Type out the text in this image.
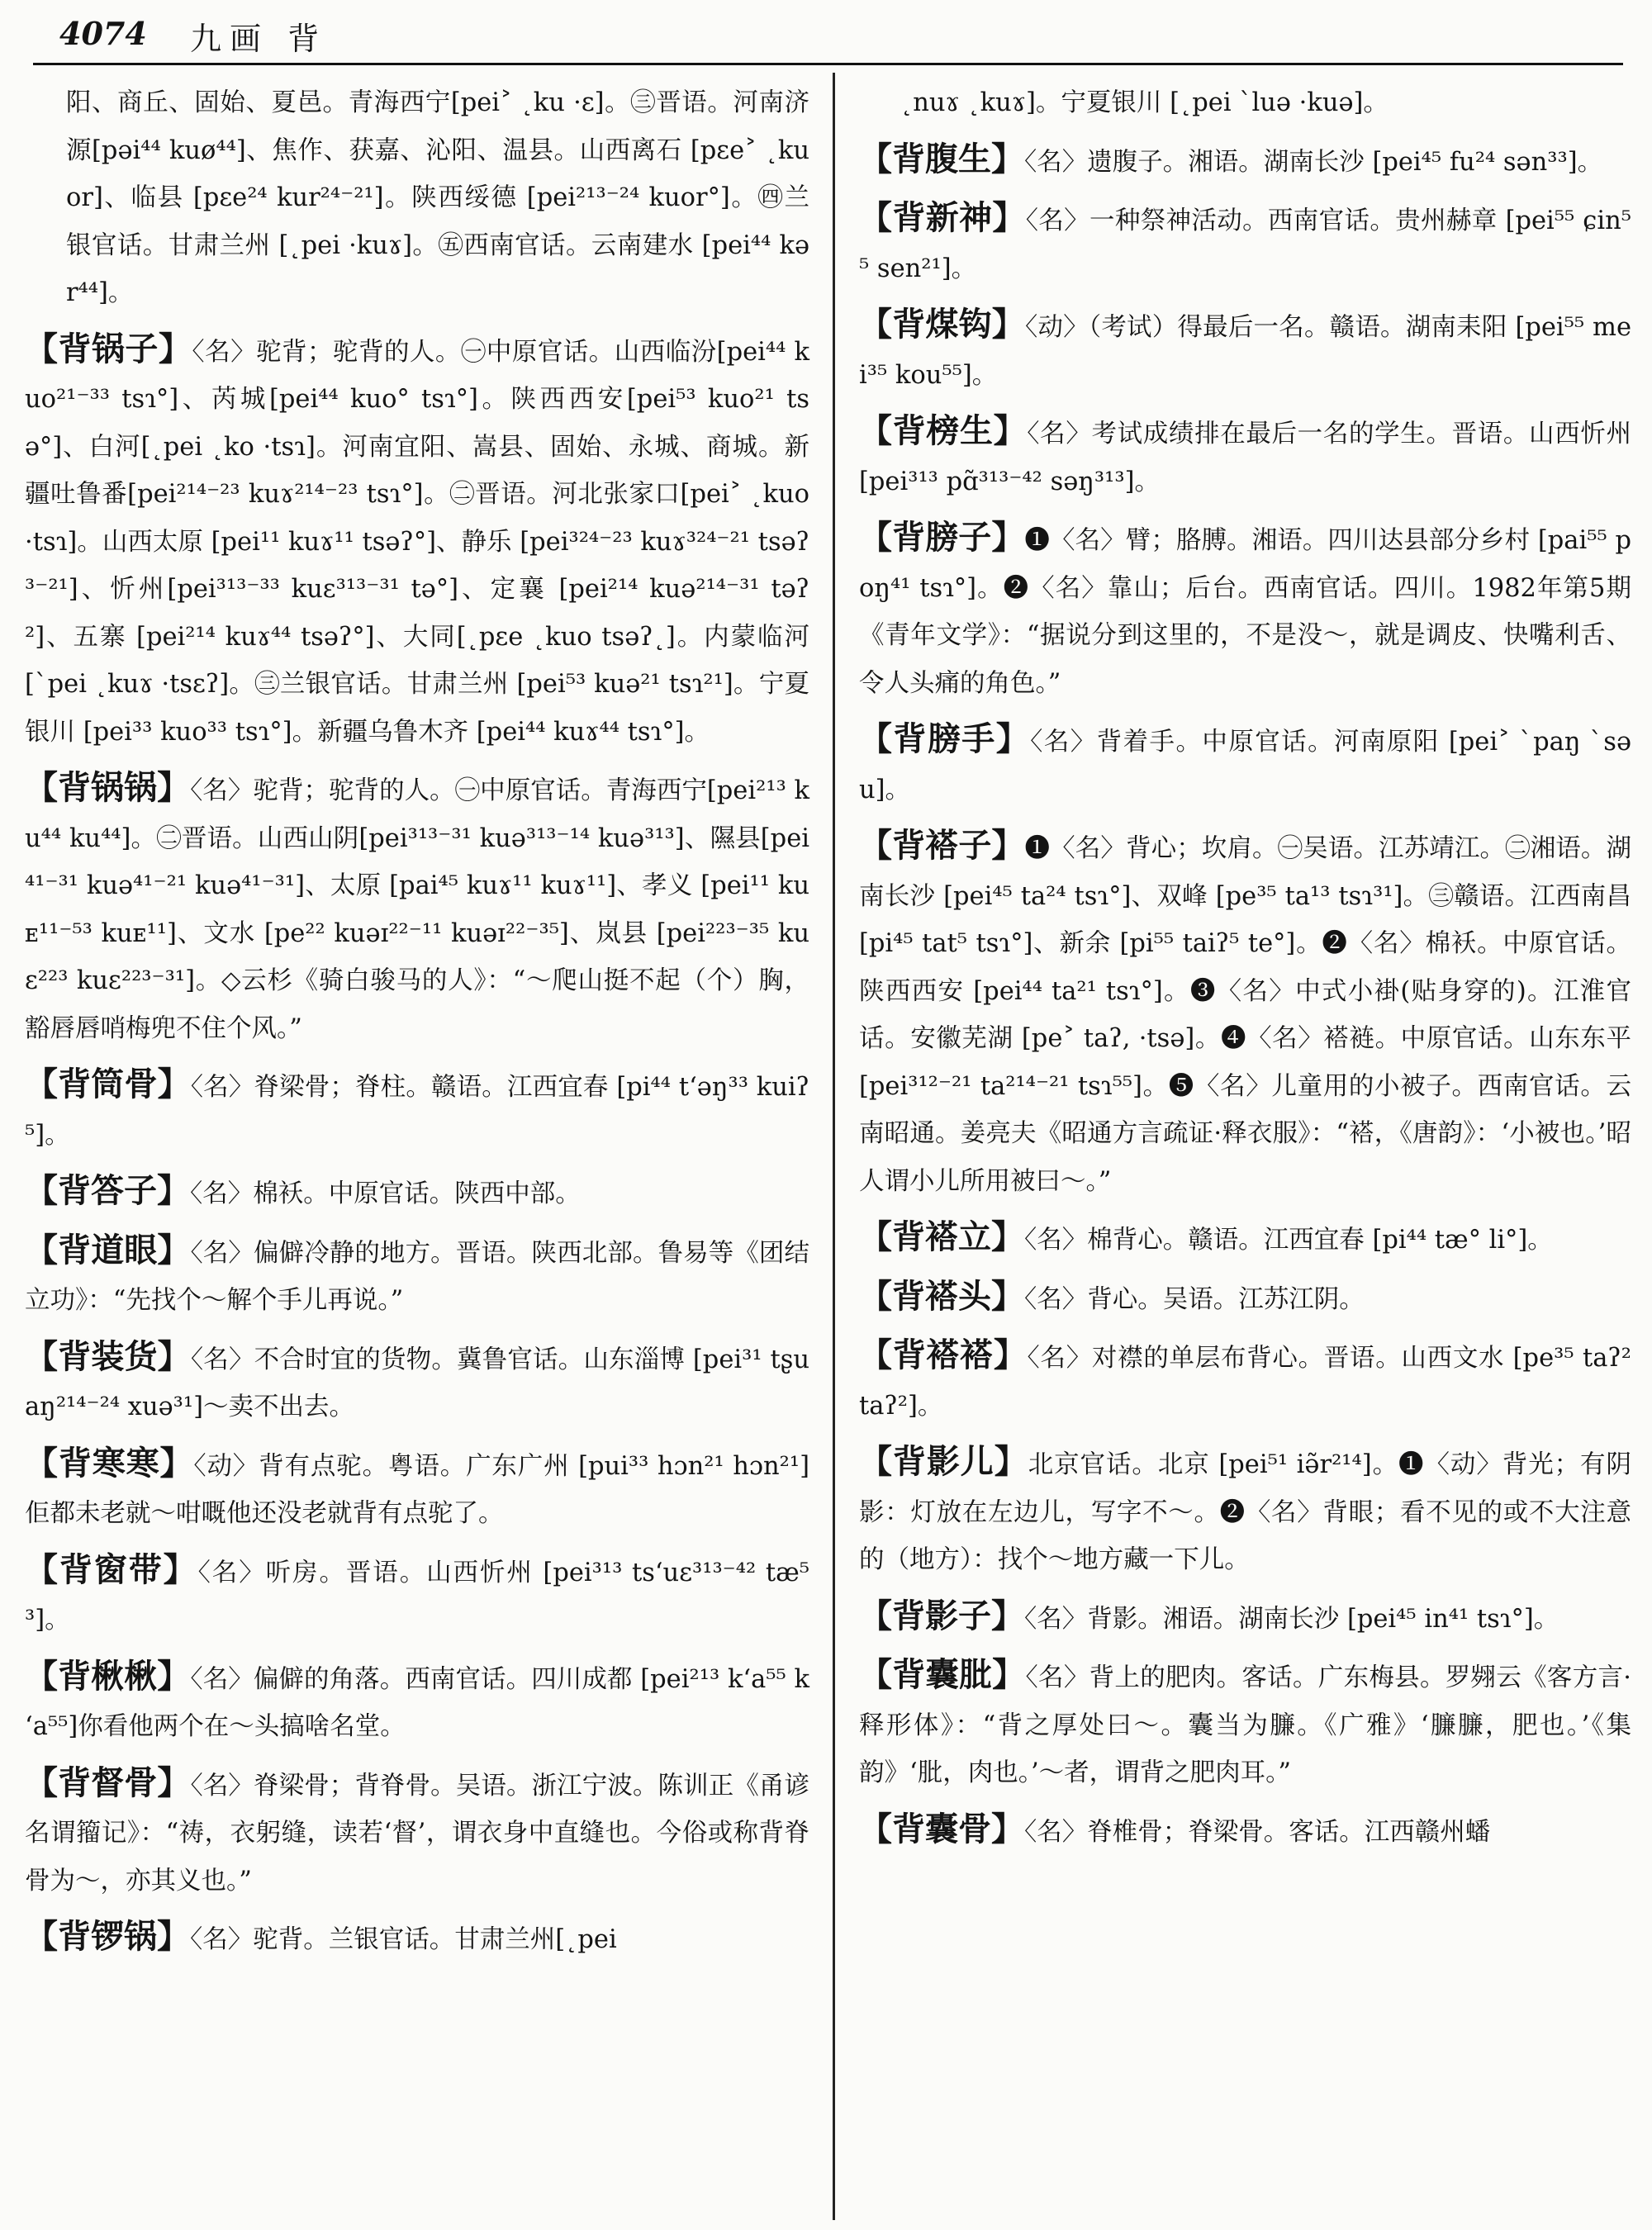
4074 九画 背

阳、商丘、固始、夏邑。青海西宁[pei˃ ˛ku ·ɛ]。㊂晋语。河南济源[pəi⁴⁴ kuø⁴⁴]、焦作、获嘉、沁阳、温县。山西离石 [pɛe˃ ˛kuor]、临县 [pɛe²⁴ kur²⁴⁻²¹]。陕西绥德 [pei²¹³⁻²⁴ kuor°]。㊃兰银官话。甘肃兰州 [˛pei ·kuɤ]。㊄西南官话。云南建水 [pei⁴⁴ kər⁴⁴]。

【背锅子】〈名〉驼背；驼背的人。㊀中原官话。山西临汾[pei⁴⁴ kuo²¹⁻³³ tsɿ°]、芮城[pei⁴⁴ kuo° tsɿ°]。陕西西安[pei⁵³ kuo²¹ tsə°]、白河[˛pei ˛ko ·tsɿ]。河南宜阳、嵩县、固始、永城、商城。新疆吐鲁番[pei²¹⁴⁻²³ kuɤ²¹⁴⁻²³ tsɿ°]。㊁晋语。河北张家口[pei˃ ˛kuo ·tsɿ]。山西太原 [pei¹¹ kuɤ¹¹ tsəʔ°]、静乐 [pei³²⁴⁻²³ kuɤ³²⁴⁻²¹ tsəʔ³⁻²¹]、忻州[pei³¹³⁻³³ kuɛ³¹³⁻³¹ tə°]、定襄 [pei²¹⁴ kuə²¹⁴⁻³¹ təʔ²]、五寨 [pei²¹⁴ kuɤ⁴⁴ tsəʔ°]、大同[˛pɛe ˛kuo tsəʔ˛]。内蒙临河 [ˋpei ˛kuɤ ·tsɛʔ]。㊂兰银官话。甘肃兰州 [pei⁵³ kuə²¹ tsɿ²¹]。宁夏银川 [pei³³ kuo³³ tsɿ°]。新疆乌鲁木齐 [pei⁴⁴ kuɤ⁴⁴ tsɿ°]。

【背锅锅】〈名〉驼背；驼背的人。㊀中原官话。青海西宁[pei²¹³ ku⁴⁴ ku⁴⁴]。㊁晋语。山西山阴[pei³¹³⁻³¹ kuə³¹³⁻¹⁴ kuə³¹³]、隰县[pei⁴¹⁻³¹ kuə⁴¹⁻²¹ kuə⁴¹⁻³¹]、太原 [pai⁴⁵ kuɤ¹¹ kuɤ¹¹]、孝义 [pei¹¹ kuᴇ¹¹⁻⁵³ kuᴇ¹¹]、文水 [pe²² kuəɪ²²⁻¹¹ kuəɪ²²⁻³⁵]、岚县 [pei²²³⁻³⁵ kuɛ²²³ kuɛ²²³⁻³¹]。◇云杉《骑白骏马的人》：“～爬山挺不起（个）胸，豁唇唇哨梅兜不住个风。”

【背筒骨】〈名〉脊梁骨；脊柱。赣语。江西宜春 [pi⁴⁴ tʻəŋ³³ kuiʔ⁵]。

【背答子】〈名〉棉袄。中原官话。陕西中部。

【背道眼】〈名〉偏僻冷静的地方。晋语。陕西北部。鲁易等《团结立功》：“先找个～解个手儿再说。”

【背装货】〈名〉不合时宜的货物。冀鲁官话。山东淄博 [pei³¹ tʂuaŋ²¹⁴⁻²⁴ xuə³¹]～卖不出去。

【背寒寒】〈动〉背有点驼。粤语。广东广州 [pui³³ hɔn²¹ hɔn²¹]佢都未老就～咁嘅他还没老就背有点驼了。

【背窗带】〈名〉听房。晋语。山西忻州 [pei³¹³ tsʻuɛ³¹³⁻⁴² tæ⁵³]。

【背楸楸】〈名〉偏僻的角落。西南官话。四川成都 [pei²¹³ kʻa⁵⁵ kʻa⁵⁵]你看他两个在～头搞啥名堂。

【背督骨】〈名〉脊梁骨；背脊骨。吴语。浙江宁波。陈训正《甬谚名谓籀记》：“祷，衣躬缝，读若‘督’，谓衣身中直缝也。今俗或称背脊骨为～，亦其义也。”

【背锣锅】〈名〉驼背。兰银官话。甘肃兰州[˛pei

˛nuɤ ˛kuɤ]。宁夏银川 [˛pei ˋluə ·kuə]。

【背腹生】〈名〉遗腹子。湘语。湖南长沙 [pei⁴⁵ fu²⁴ sən³³]。

【背新神】〈名〉一种祭神活动。西南官话。贵州赫章 [pei⁵⁵ ɕin⁵⁵ sen²¹]。

【背煤钩】〈动〉（考试）得最后一名。赣语。湖南耒阳 [pei⁵⁵ mei³⁵ kou⁵⁵]。

【背榜生】〈名〉考试成绩排在最后一名的学生。晋语。山西忻州 [pei³¹³ pɑ̃³¹³⁻⁴² səŋ³¹³]。

【背膀子】❶〈名〉臂；胳膊。湘语。四川达县部分乡村 [pai⁵⁵ poŋ⁴¹ tsɿ°]。❷〈名〉靠山；后台。西南官话。四川。1982年第5期《青年文学》：“据说分到这里的，不是没～，就是调皮、快嘴利舌、令人头痛的角色。”

【背膀手】〈名〉背着手。中原官话。河南原阳 [pei˃ ˋpaŋ ˋsəu]。

【背褡子】❶〈名〉背心；坎肩。㊀吴语。江苏靖江。㊁湘语。湖南长沙 [pei⁴⁵ ta²⁴ tsɿ°]、双峰 [pe³⁵ ta¹³ tsɿ³¹]。㊂赣语。江西南昌 [pi⁴⁵ tat⁵ tsɿ°]、新余 [pi⁵⁵ taiʔ⁵ te°]。❷〈名〉棉袄。中原官话。陕西西安 [pei⁴⁴ ta²¹ tsɿ°]。❸〈名〉中式小褂(贴身穿的)。江淮官话。安徽芜湖 [pe˃ taʔ, ·tsə]。❹〈名〉褡裢。中原官话。山东东平[pei³¹²⁻²¹ ta²¹⁴⁻²¹ tsɿ⁵⁵]。❺〈名〉儿童用的小被子。西南官话。云南昭通。姜亮夫《昭通方言疏证·释衣服》：“褡，《唐韵》：‘小被也。’昭人谓小儿所用被曰～。”

【背褡立】〈名〉棉背心。赣语。江西宜春 [pi⁴⁴ tæ° li°]。

【背褡头】〈名〉背心。吴语。江苏江阴。

【背褡褡】〈名〉对襟的单层布背心。晋语。山西文水 [pe³⁵ taʔ² taʔ²]。

【背影儿】北京官话。北京 [pei⁵¹ iə̃r²¹⁴]。❶〈动〉背光；有阴影：灯放在左边儿，写字不～。❷〈名〉背眼；看不见的或不大注意的（地方）：找个～地方藏一下儿。

【背影子】〈名〉背影。湘语。湖南长沙 [pei⁴⁵ in⁴¹ tsɿ°]。

【背囊肶】〈名〉背上的肥肉。客话。广东梅县。罗翙云《客方言·释形体》：“背之厚处曰～。囊当为臁。《广雅》‘臁臁，肥也。’《集韵》‘肶，肉也。’～者，谓背之肥肉耳。”

【背囊骨】〈名〉脊椎骨；脊梁骨。客话。江西赣州蟠
